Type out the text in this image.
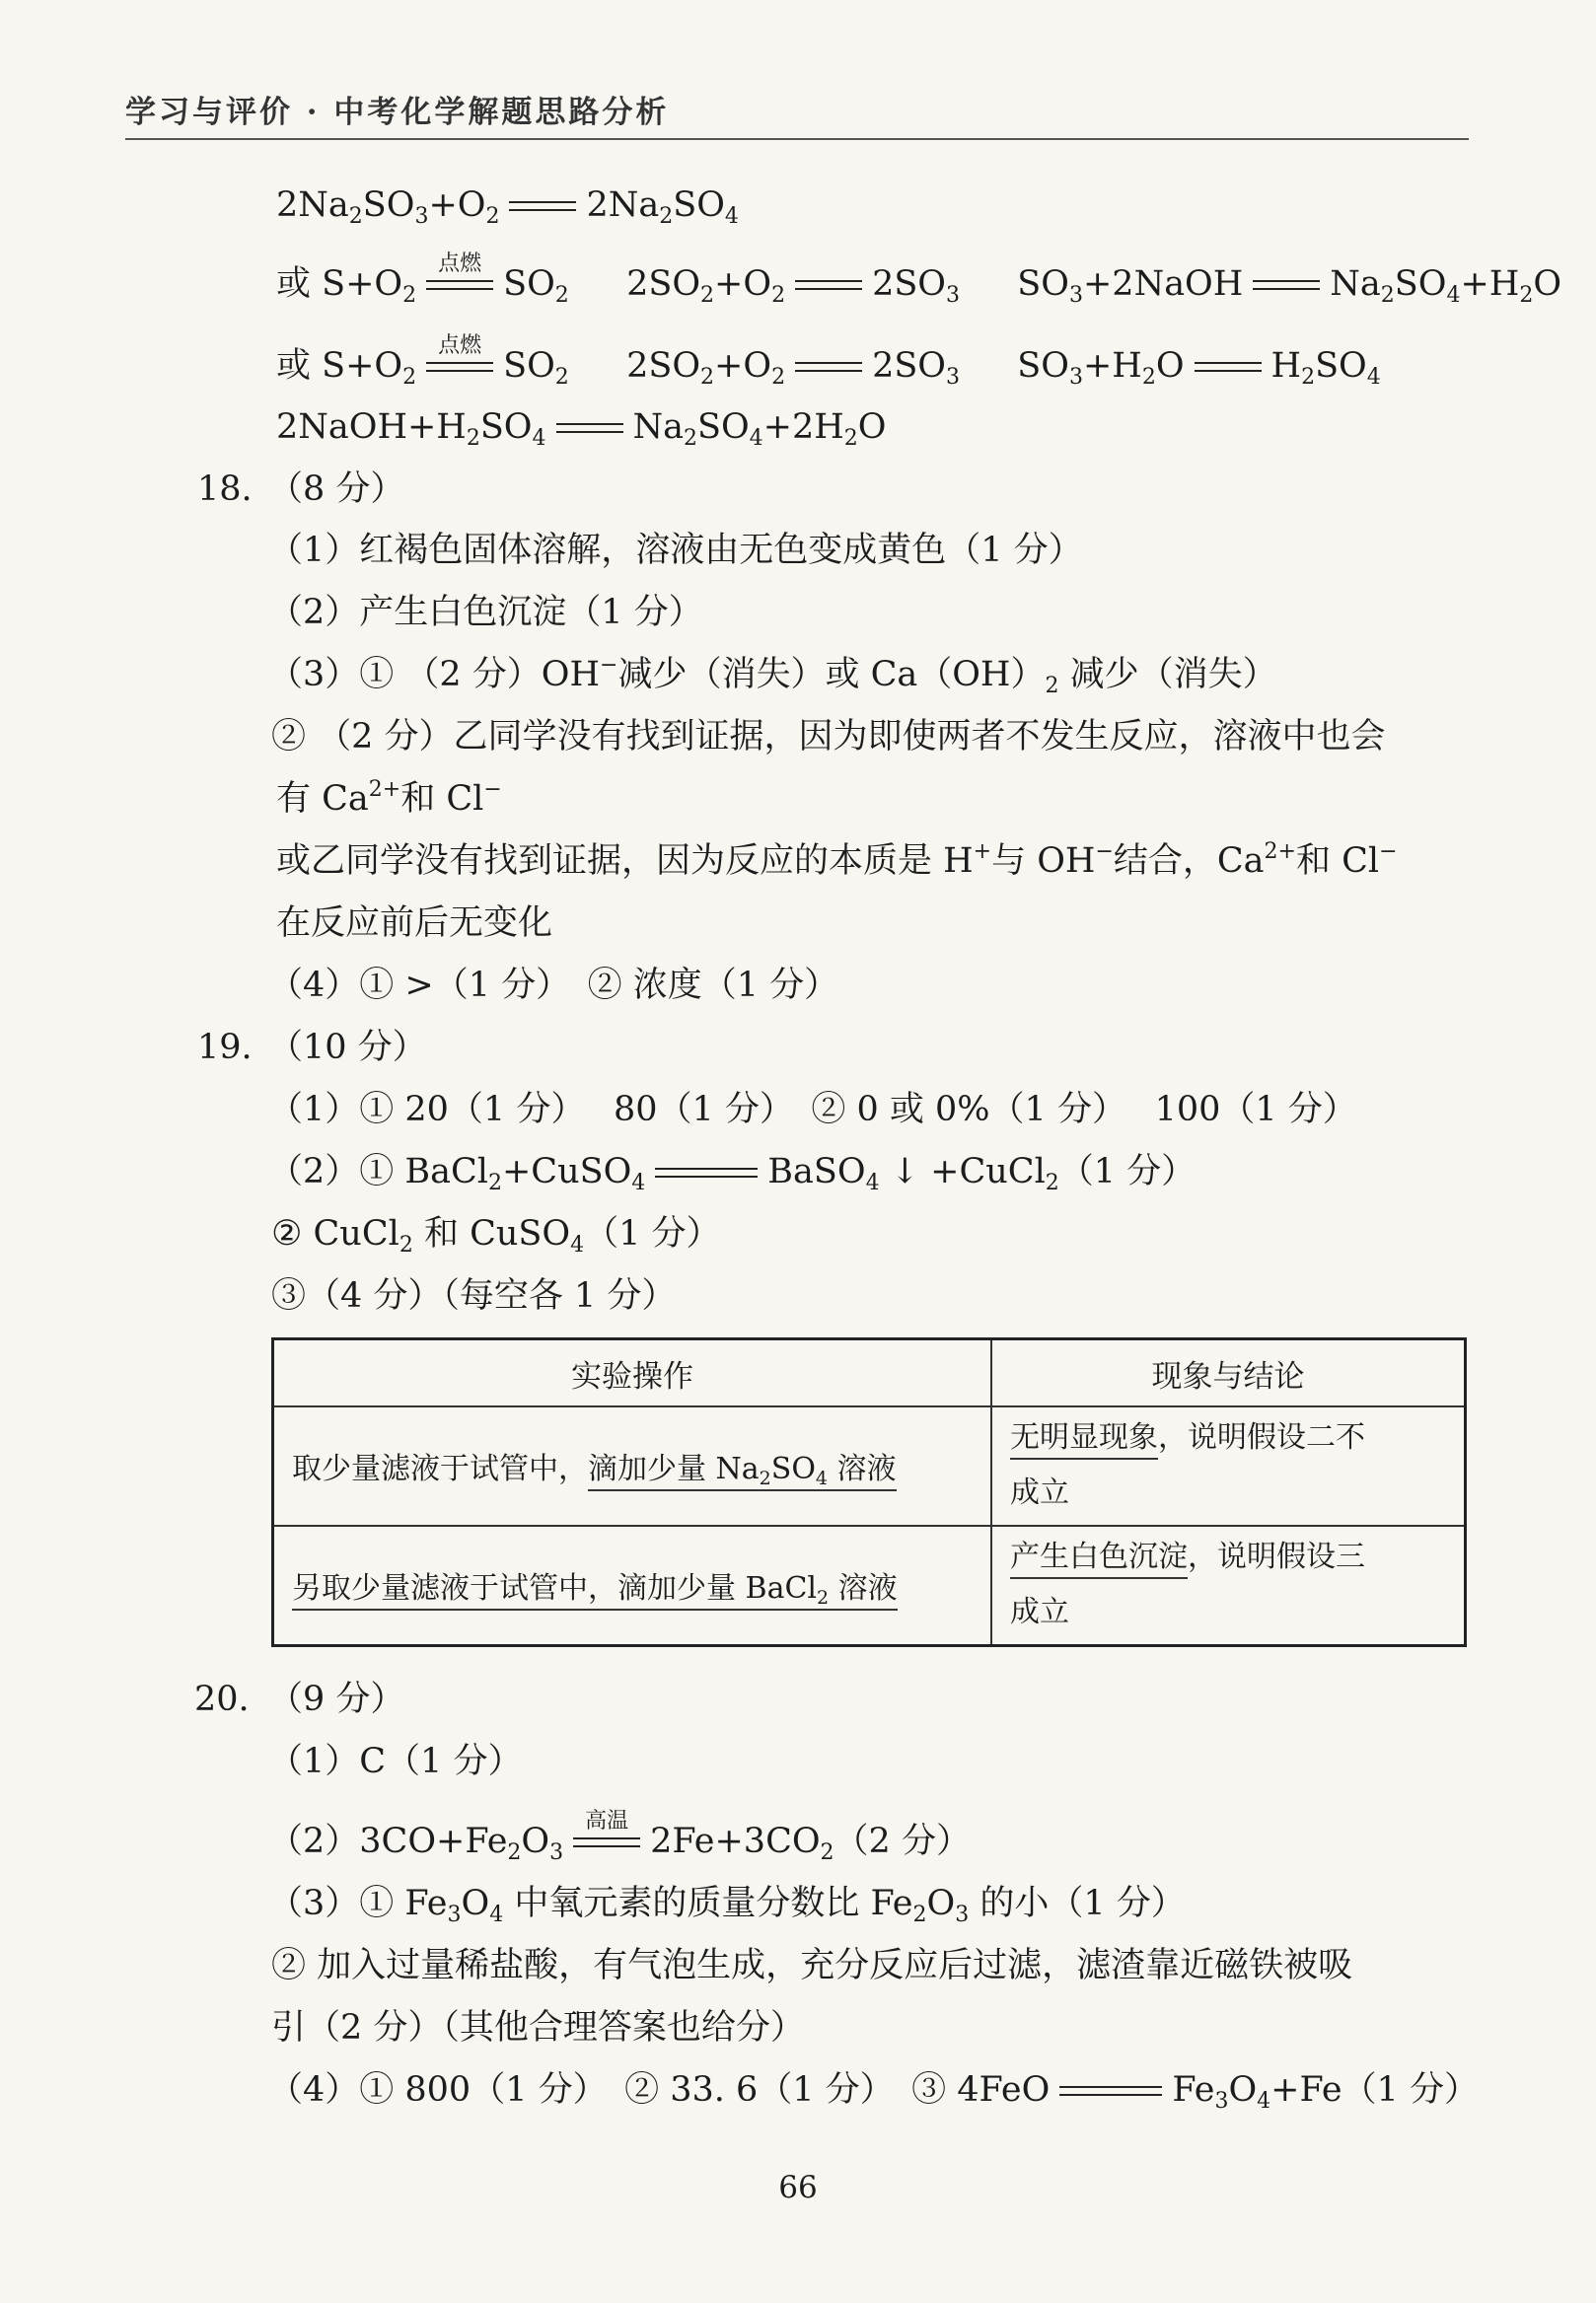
学习与评价 · 中考化学解题思路分析
$2Na_2SO_3+O_2$	$2Na_2SO_4$
或 $S+O_2$
点燃
$SO_2$ $2SO_2+O_2$	$2SO_3$ $SO_3+2NaOH$	$Na_2SO_4+H_2O$
或 $S+O_2$
点燃
$SO_2$ $2SO_2+O_2$	$2SO_3$ $SO_3+H_2O$	$H_2SO_4$
$2NaOH+H_2SO_4$	$Na_2SO_4+2H_2O$
18. （8 分）
（1）红褐色固体溶解，溶液由无色变成黄色（1 分）
（2）产生白色沉淀（1 分）
（3）① （2 分）OH−减少（消失）或 $Ca(OH)_2$ 减少（消失）
② （2 分）乙同学没有找到证据，因为即使两者不发生反应，溶液中也会
有 $Ca^{2+}$和 Cl−
或乙同学没有找到证据，因为反应的本质是 H+与 OH−结合，$Ca^{2+}$和 Cl−
在反应前后无变化
（4）① >（1 分）　② 浓度（1 分）
19. （10 分）
（1）① 20（1 分）　 80（1 分）　② 0 或 0%（1 分）　 100（1 分）
（2）① BaCl$_2$+CuSO$_4$	BaSO$_4$ ↓ +CuCl$_2$（1 分）
② CuCl$_2$ 和 CuSO$_4$（1 分）
③（4 分）（每空各 1 分）
实验操作	现象与结论
取少量滤液于试管中，滴加少量 $Na_2SO_4$ 溶液	无明显现象，说明假设二不
成立
另取少量滤液于试管中，滴加少量 BaCl$_2$ 溶液	产生白色沉淀，说明假设三
成立
20. （9 分）
（1）C（1 分）
$(2)3CO+Fe_2O_3$
高温
$2Fe+3CO_2(2$ 分）
（3）① $Fe_3O_4$ 中氧元素的质量分数比 $Fe_2O_3$ 的小（1 分）
② 加入过量稀盐酸，有气泡生成，充分反应后过滤，滤渣靠近磁铁被吸
引（2 分）（其他合理答案也给分）
（4）① 800（1 分）　② 33. 6（1 分）　③ 4FeO	$Fe_3O_4+Fe(1$ 分）
66
